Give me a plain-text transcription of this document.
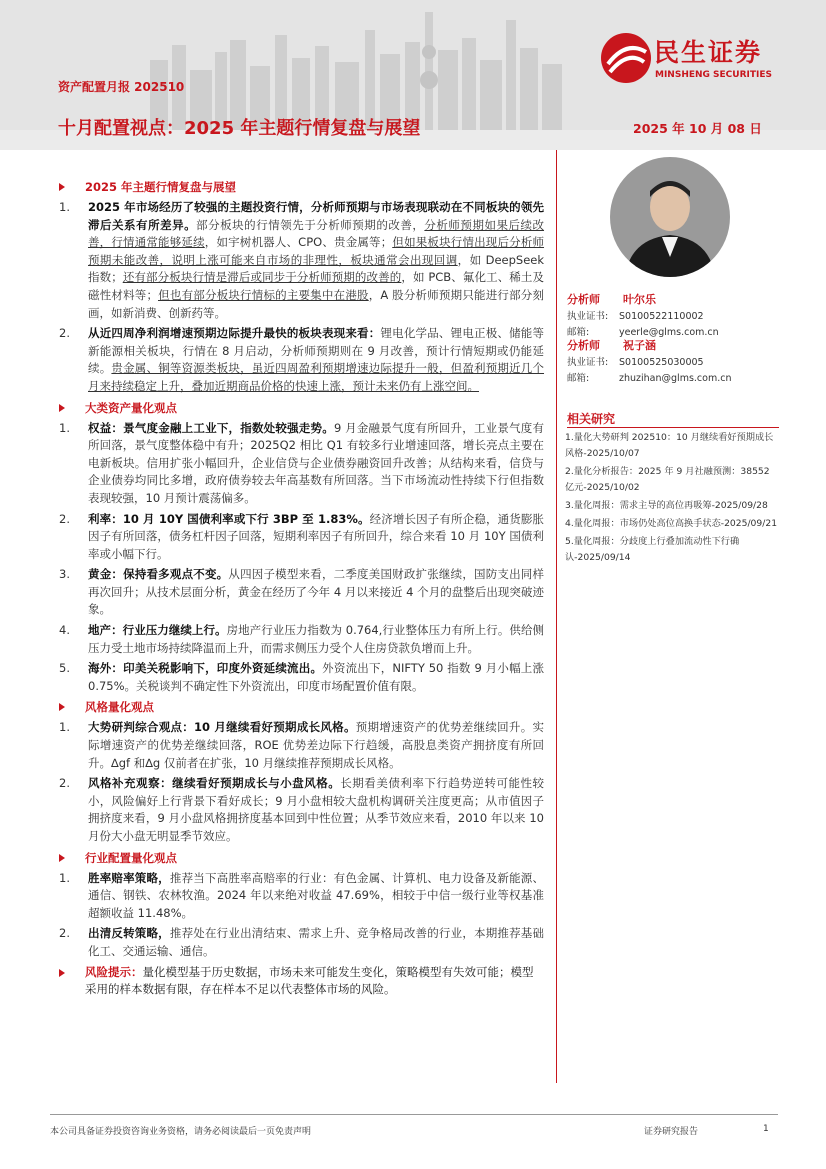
资产配置月报 202510
十月配置视点：2025 年主题行情复盘与展望	2025 年 10 月 08 日
民生证券
MINSHENG SECURITIES
2025 年主题行情复盘与展望
1.	2025 年市场经历了较强的主题投资行情，分析师预期与市场表现联动在不同板块的领先滞后关系有所差异。部分板块的行情领先于分析师预期的改善，分析师预期如果后续改善，行情通常能够延续，如宇树机器人、CPO、贵金属等；但如果板块行情出现后分析师预期未能改善，说明上涨可能来自市场的非理性，板块通常会出现回调，如 DeepSeek 指数；还有部分板块行情是滞后或同步于分析师预期的改善的，如 PCB、氟化工、稀土及磁性材料等；但也有部分板块行情标的主要集中在港股，A 股分析师预期只能进行部分刻画，如新消费、创新药等。
2.	从近四周净利润增速预期边际提升最快的板块表现来看：锂电化学品、锂电正极、储能等新能源相关板块，行情在 8 月启动，分析师预期则在 9 月改善，预计行情短期或仍能延续。贵金属、铜等资源类板块，虽近四周盈利预期增速边际提升一般，但盈利预期近几个月来持续稳定上升，叠加近期商品价格的快速上涨，预计未来仍有上涨空间。
大类资产量化观点
1.	权益：景气度金融上工业下，指数处较强走势。9 月金融景气度有所回升，工业景气度有所回落，景气度整体稳中有升；2025Q2 相比 Q1 有较多行业增速回落，增长亮点主要在电新板块。信用扩张小幅回升，企业信贷与企业债券融资回升改善；从结构来看，信贷与企业债券均同比多增，政府债券较去年高基数有所回落。当下市场流动性持续下行但指数表现较强，10 月预计震荡偏多。
2.	利率：10 月 10Y 国债利率或下行 3BP 至 1.83%。经济增长因子有所企稳，通货膨胀因子有所回落，债务杠杆因子回落，短期利率因子有所回升，综合来看 10 月 10Y 国债利率或小幅下行。
3.	黄金：保持看多观点不变。从四因子模型来看，二季度美国财政扩张继续，国防支出同样再次回升；从技术层面分析，黄金在经历了今年 4 月以来接近 4 个月的盘整后出现突破迹象。
4.	地产：行业压力继续上行。房地产行业压力指数为 0.764,行业整体压力有所上行。供给侧压力受土地市场持续降温而上升，而需求侧压力受个人住房贷款负增而上升。
5.	海外：印美关税影响下，印度外资延续流出。外资流出下，NIFTY 50 指数 9 月小幅上涨 0.75%。关税谈判不确定性下外资流出，印度市场配置价值有限。
风格量化观点
1.	大势研判综合观点：10 月继续看好预期成长风格。预期增速资产的优势差继续回升。实际增速资产的优势差继续回落，ROE 优势差边际下行趋缓，高股息类资产拥挤度有所回升。∆gf 和∆g 仅前者在扩张，10 月继续推荐预期成长风格。
2.	风格补充观察：继续看好预期成长与小盘风格。长期看美债利率下行趋势逆转可能性较小，风险偏好上行背景下看好成长；9 月小盘相较大盘机构调研关注度更高；从市值因子拥挤度来看，9 月小盘风格拥挤度基本回到中性位置；从季节效应来看，2010 年以来 10 月份大小盘无明显季节效应。
行业配置量化观点
1.	胜率赔率策略，推荐当下高胜率高赔率的行业：有色金属、计算机、电力设备及新能源、通信、钢铁、农林牧渔。2024 年以来绝对收益 47.69%，相较于中信一级行业等权基准超额收益 11.48%。
2.	出清反转策略，推荐处在行业出清结束、需求上升、竞争格局改善的行业，本期推荐基础化工、交通运输、通信。
风险提示：量化模型基于历史数据，市场未来可能发生变化，策略模型有失效可能；模型采用的样本数据有限，存在样本不足以代表整体市场的风险。
分析师 叶尔乐
执业证书: S0100522110002
邮箱:	yeerle@glms.com.cn
分析师 祝子涵
执业证书: S0100525030005
邮箱:	zhuzihan@glms.com.cn
相关研究
1.量化大势研判 202510：10 月继续看好预期成长风格-2025/10/07
2.量化分析报告：2025 年 9 月社融预测：38552 亿元-2025/10/02
3.量化周报：需求主导的高位再吸筹-2025/09/28
4.量化周报：市场仍处高位高换手状态-2025/09/21
5.量化周报：分歧度上行叠加流动性下行确认-2025/09/14
本公司具备证券投资咨询业务资格，请务必阅读最后一页免责声明	证券研究报告	1
